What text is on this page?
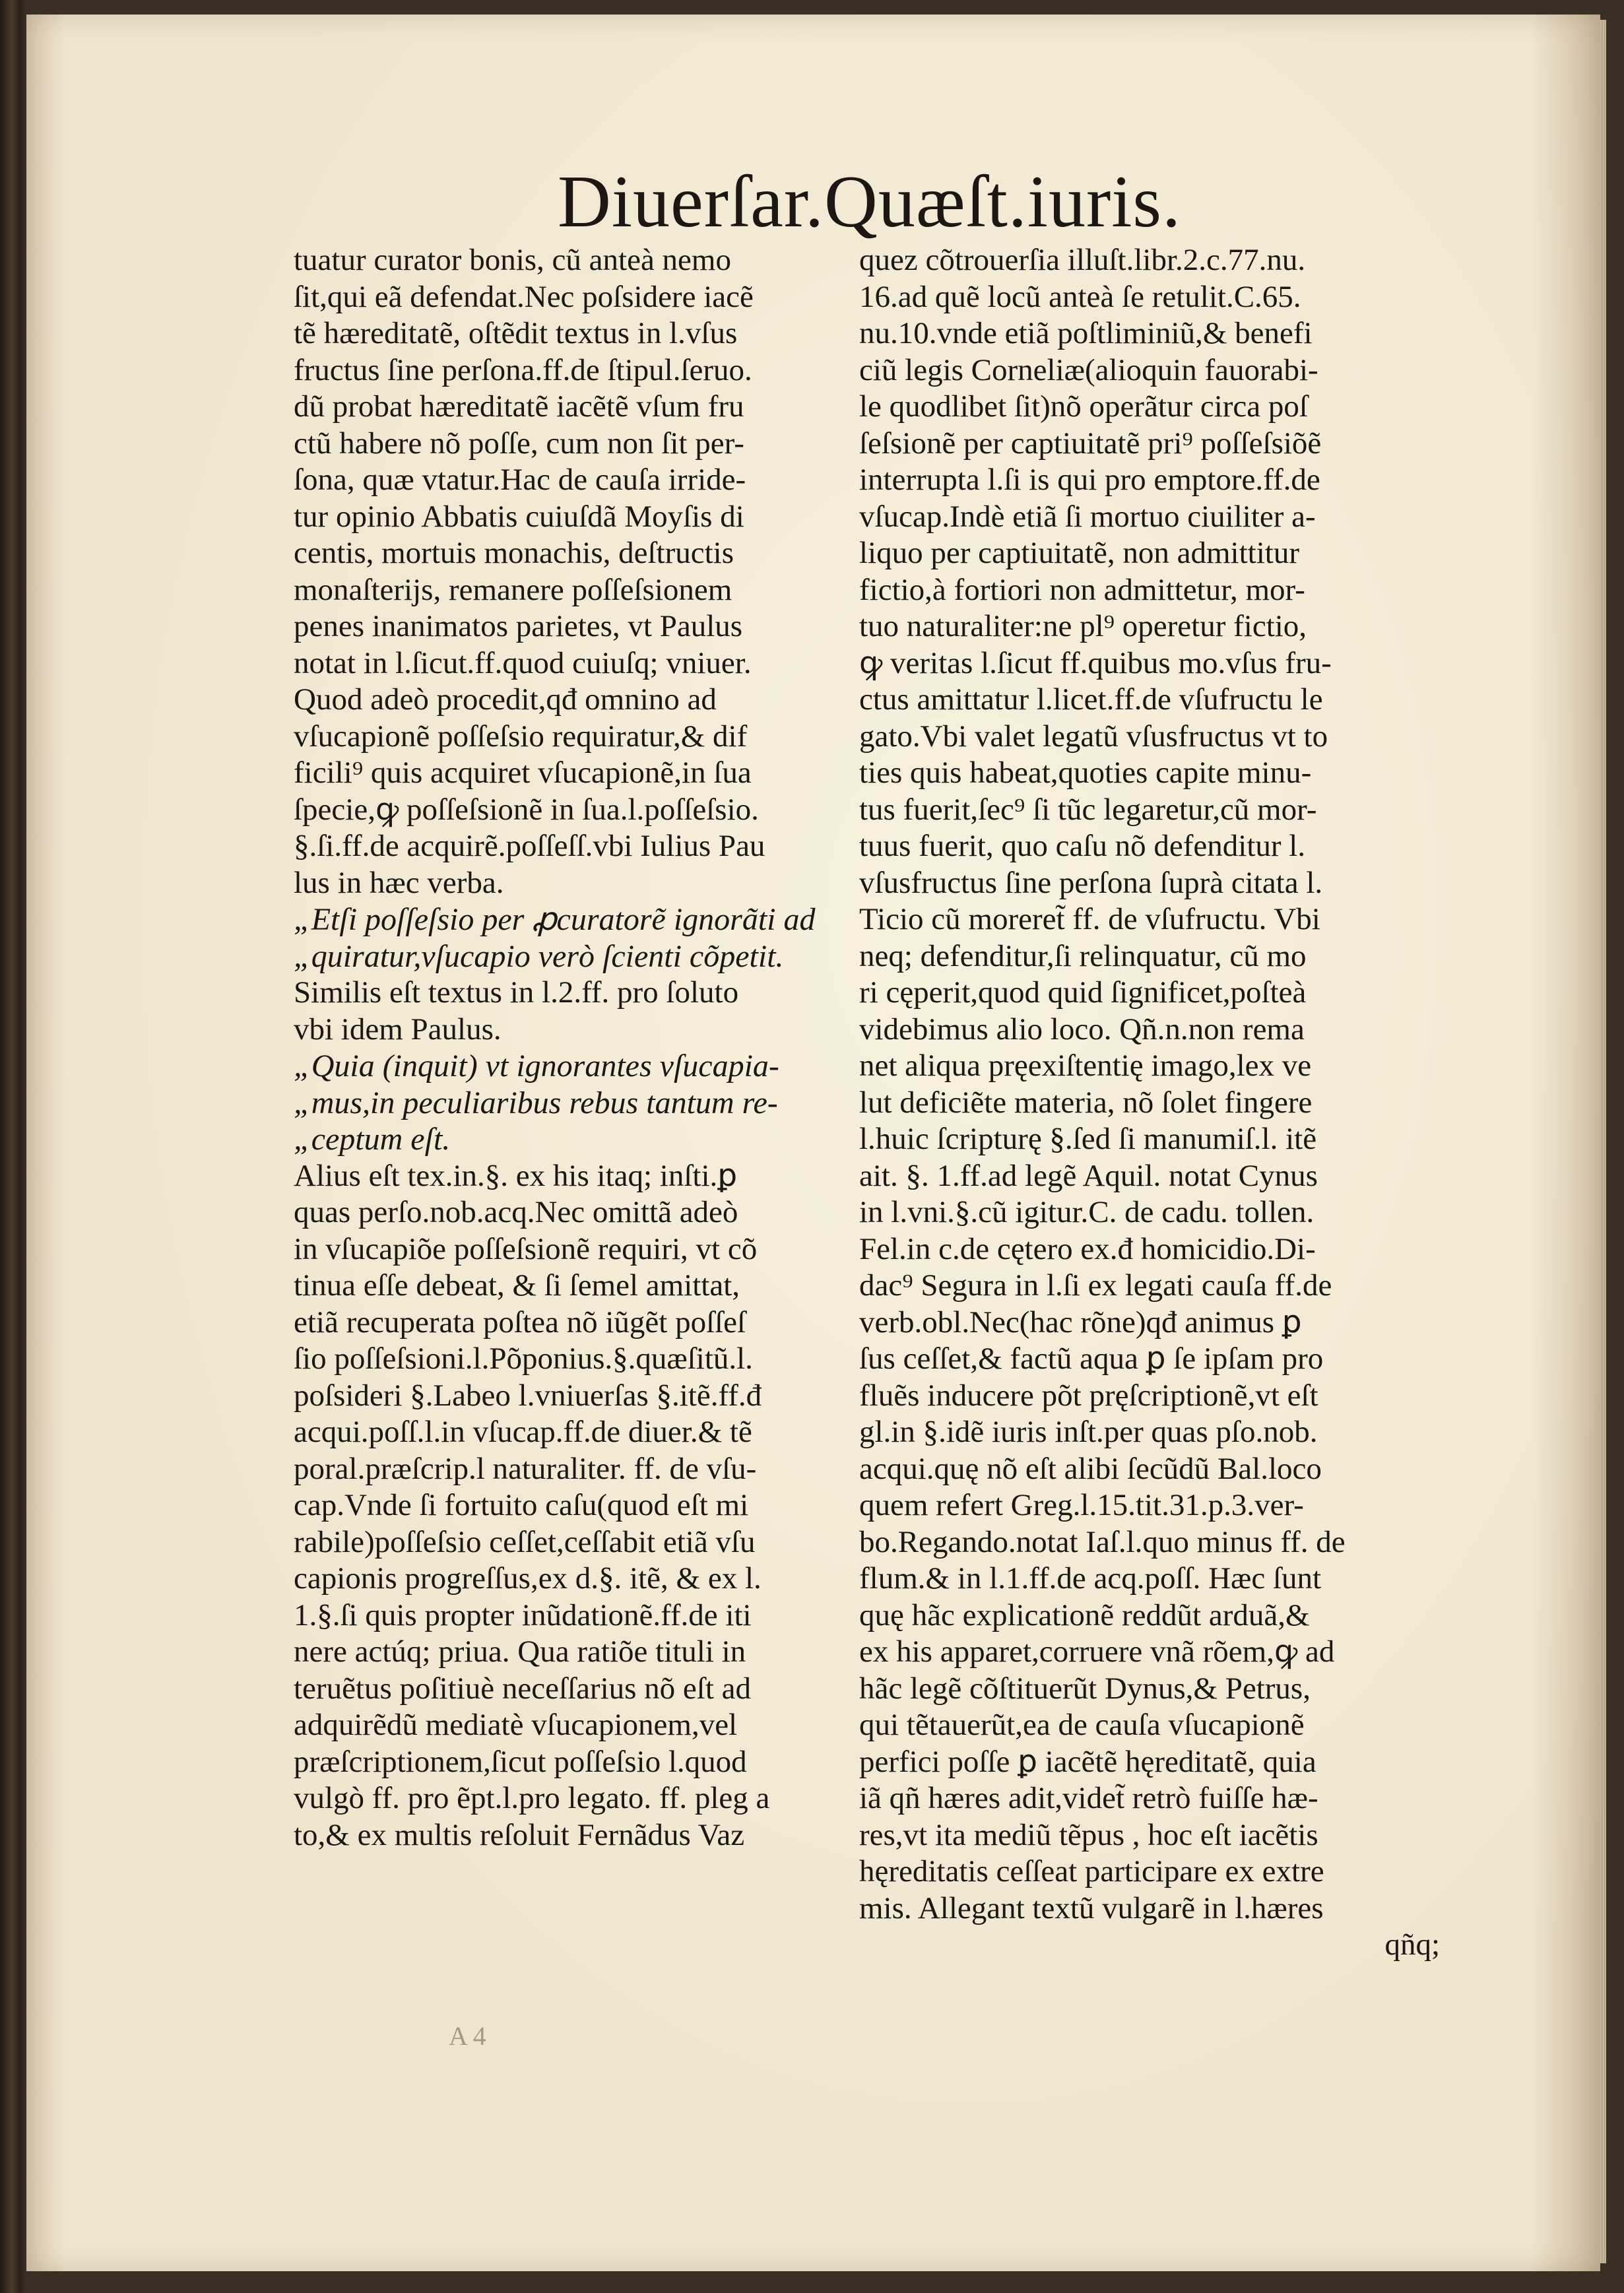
Diuerſar.Quæſt.iuris.
tuatur curator bonis, cũ anteà nemo
ſit,qui eã defendat.Nec poſsidere iacẽ
tẽ hæreditatẽ, oſtẽdit textus in l.vſus
fructus ſine perſona.ff.de ſtipul.ſeruo.
dũ probat hæreditatẽ iacẽtẽ vſum fru
ctũ habere nõ poſſe, cum non ſit per-
ſona, quæ vtatur.Hac de cauſa irride-
tur opinio Abbatis cuiuſdã Moyſis di
centis, mortuis monachis, deſtructis
monaſterijs, remanere poſſeſsionem
penes inanimatos parietes, vt Paulus
notat in l.ſicut.ff.quod cuiuſq; vniuer.
Quod adeò procedit,qđ omnino ad
vſucapionẽ poſſeſsio requiratur,& dif
ficili⁹ quis acquiret vſucapionẽ,in ſua
ſpecie,ꝙ poſſeſsionẽ in ſua.l.poſſeſsio.
§.ſi.ff.de acquirẽ.poſſeſſ.vbi Iulius Pau
lus in hæc verba.
„Etſi poſſeſsio per ꝓcuratorẽ ignorãti ad
„quiratur,vſucapio verò ſcienti cõpetit.
Similis eſt textus in l.2.ff. pro ſoluto
vbi idem Paulus.
„Quia (inquit) vt ignorantes vſucapia-
„mus,in peculiaribus rebus tantum re-
„ceptum eſt.
Alius eſt tex.in.§. ex his itaq; inſti.ꝑ
quas perſo.nob.acq.Nec omittã adeò
in vſucapiõe poſſeſsionẽ requiri, vt cõ
tinua eſſe debeat, & ſi ſemel amittat,
etiã recuperata poſtea nõ iũgẽt poſſeſ
ſio poſſeſsioni.l.Põponius.§.quæſitũ.l.
poſsideri §.Labeo l.vniuerſas §.itẽ.ff.đ
acqui.poſſ.l.in vſucap.ff.de diuer.& tẽ
poral.præſcrip.l naturaliter. ff. de vſu-
cap.Vnde ſi fortuito caſu(quod eſt mi
rabile)poſſeſsio ceſſet,ceſſabit etiã vſu
capionis progreſſus,ex d.§. itẽ, & ex l.
1.§.ſi quis propter inũdationẽ.ff.de iti
nere actúq; priua. Qua ratiõe tituli in
teruẽtus poſitiuè neceſſarius nõ eſt ad
adquirẽdũ mediatè vſucapionem,vel
præſcriptionem,ſicut poſſeſsio l.quod
vulgò ff. pro ẽpt.l.pro legato. ff. pleg a
to,& ex multis reſoluit Fernãdus Vaz
quez cõtrouerſia illuſt.libr.2.c.77.nu.
16.ad quẽ locũ anteà ſe retulit.C.65.
nu.10.vnde etiã poſtliminiũ,& benefi
ciũ legis Corneliæ(alioquin fauorabi-
le quodlibet ſit)nõ operãtur circa poſ
ſeſsionẽ per captiuitatẽ pri⁹ poſſeſsiõẽ
interrupta l.ſi is qui pro emptore.ff.de
vſucap.Indè etiã ſi mortuo ciuiliter a-
liquo per captiuitatẽ, non admittitur
fictio,à fortiori non admittetur, mor-
tuo naturaliter:ne pl⁹ operetur fictio,
ꝙ veritas l.ſicut ff.quibus mo.vſus fru-
ctus amittatur l.licet.ff.de vſufructu le
gato.Vbi valet legatũ vſusfructus vt to
ties quis habeat,quoties capite minu-
tus fuerit,ſec⁹ ſi tũc legaretur,cũ mor-
tuus fuerit, quo caſu nõ defenditur l.
vſusfructus ſine perſona ſuprà citata l.
Ticio cũ moreret̃ ff. de vſufructu. Vbi
neq; defenditur,ſi relinquatur, cũ mo
ri cęperit,quod quid ſignificet,poſteà
videbimus alio loco. Qñ.n.non rema
net aliqua pręexiſtentię imago,lex ve
lut deficiẽte materia, nõ ſolet fingere
l.huic ſcripturę §.ſed ſi manumiſ.l. itẽ
ait. §. 1.ff.ad legẽ Aquil. notat Cynus
in l.vni.§.cũ igitur.C. de cadu. tollen.
Fel.in c.de cętero ex.đ homicidio.Di-
dac⁹ Segura in l.ſi ex legati cauſa ff.de
verb.obl.Nec(hac rõne)qđ animus ꝑ
ſus ceſſet,& factũ aqua ꝑ ſe ipſam pro
fluẽs inducere põt pręſcriptionẽ,vt eſt
gl.in §.idẽ iuris inſt.per quas pſo.nob.
acqui.quę nõ eſt alibi ſecũdũ Bal.loco
quem refert Greg.l.15.tit.31.p.3.ver-
bo.Regando.notat Iaſ.l.quo minus ff. de
flum.& in l.1.ff.de acq.poſſ. Hæc ſunt
quę hãc explicationẽ reddũt arduã,&
ex his apparet,corruere vnã rõem,ꝙ ad
hãc legẽ cõſtituerũt Dynus,& Petrus,
qui tẽtauerũt,ea de cauſa vſucapionẽ
perfici poſſe ꝑ iacẽtẽ hęreditatẽ, quia
iã qñ hæres adit,videt̃ retrò fuiſſe hæ-
res,vt ita mediũ tẽpus , hoc eſt iacẽtis
hęreditatis ceſſeat participare ex extre
mis. Allegant textũ vulgarẽ in l.hæres
qñq;
A 4
